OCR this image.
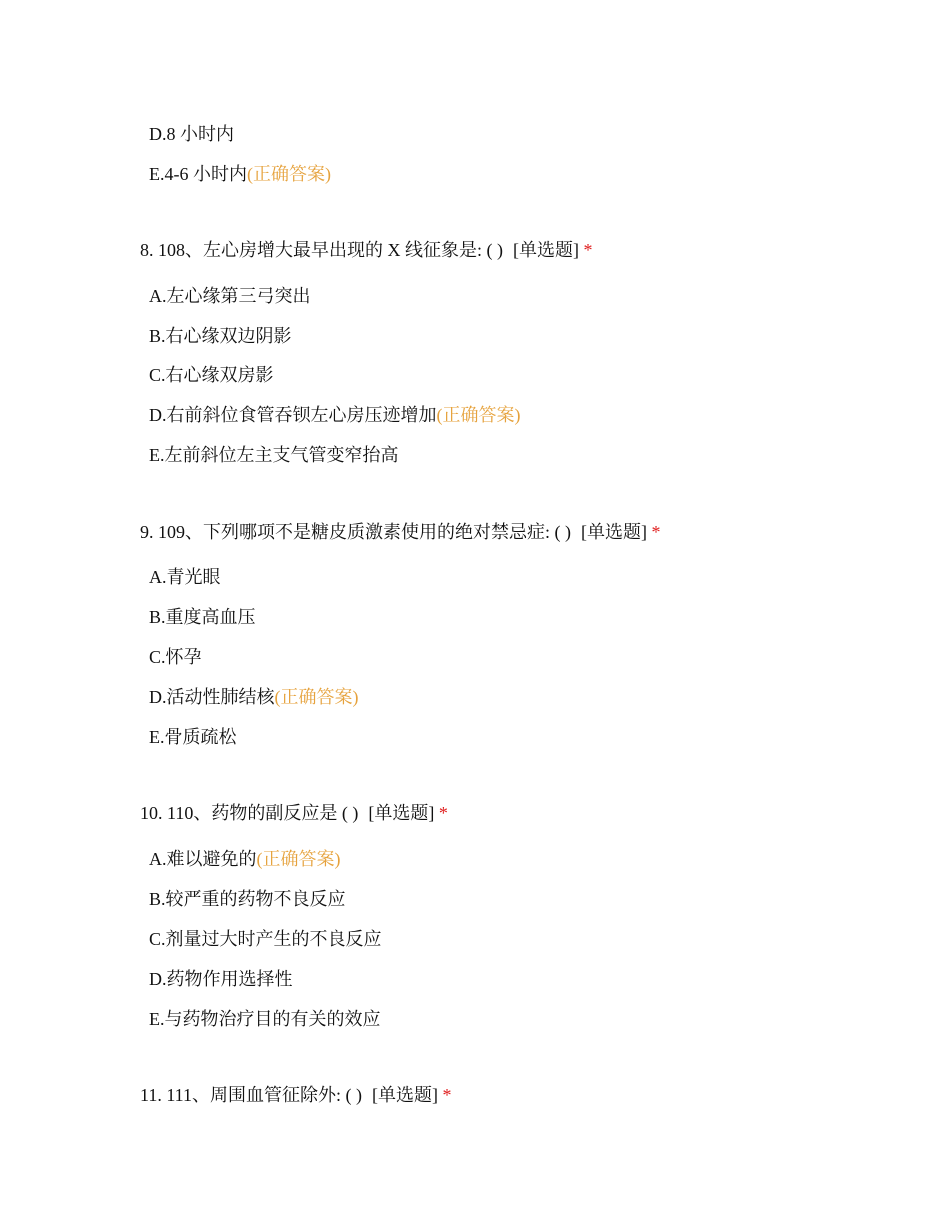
D.8 小时内
E.4-6 小时内(正确答案)
8. 108、左心房增大最早出现的 X 线征象是: ( ) [单选题] *
A.左心缘第三弓突出
B.右心缘双边阴影
C.右心缘双房影
D.右前斜位食管吞钡左心房压迹增加(正确答案)
E.左前斜位左主支气管变窄抬高
9. 109、下列哪项不是糖皮质激素使用的绝对禁忌症: ( ) [单选题] *
A.青光眼
B.重度高血压
C.怀孕
D.活动性肺结核(正确答案)
E.骨质疏松
10. 110、药物的副反应是 ( ) [单选题] *
A.难以避免的(正确答案)
B.较严重的药物不良反应
C.剂量过大时产生的不良反应
D.药物作用选择性
E.与药物治疗目的有关的效应
11. 111、周围血管征除外: ( ) [单选题] *
